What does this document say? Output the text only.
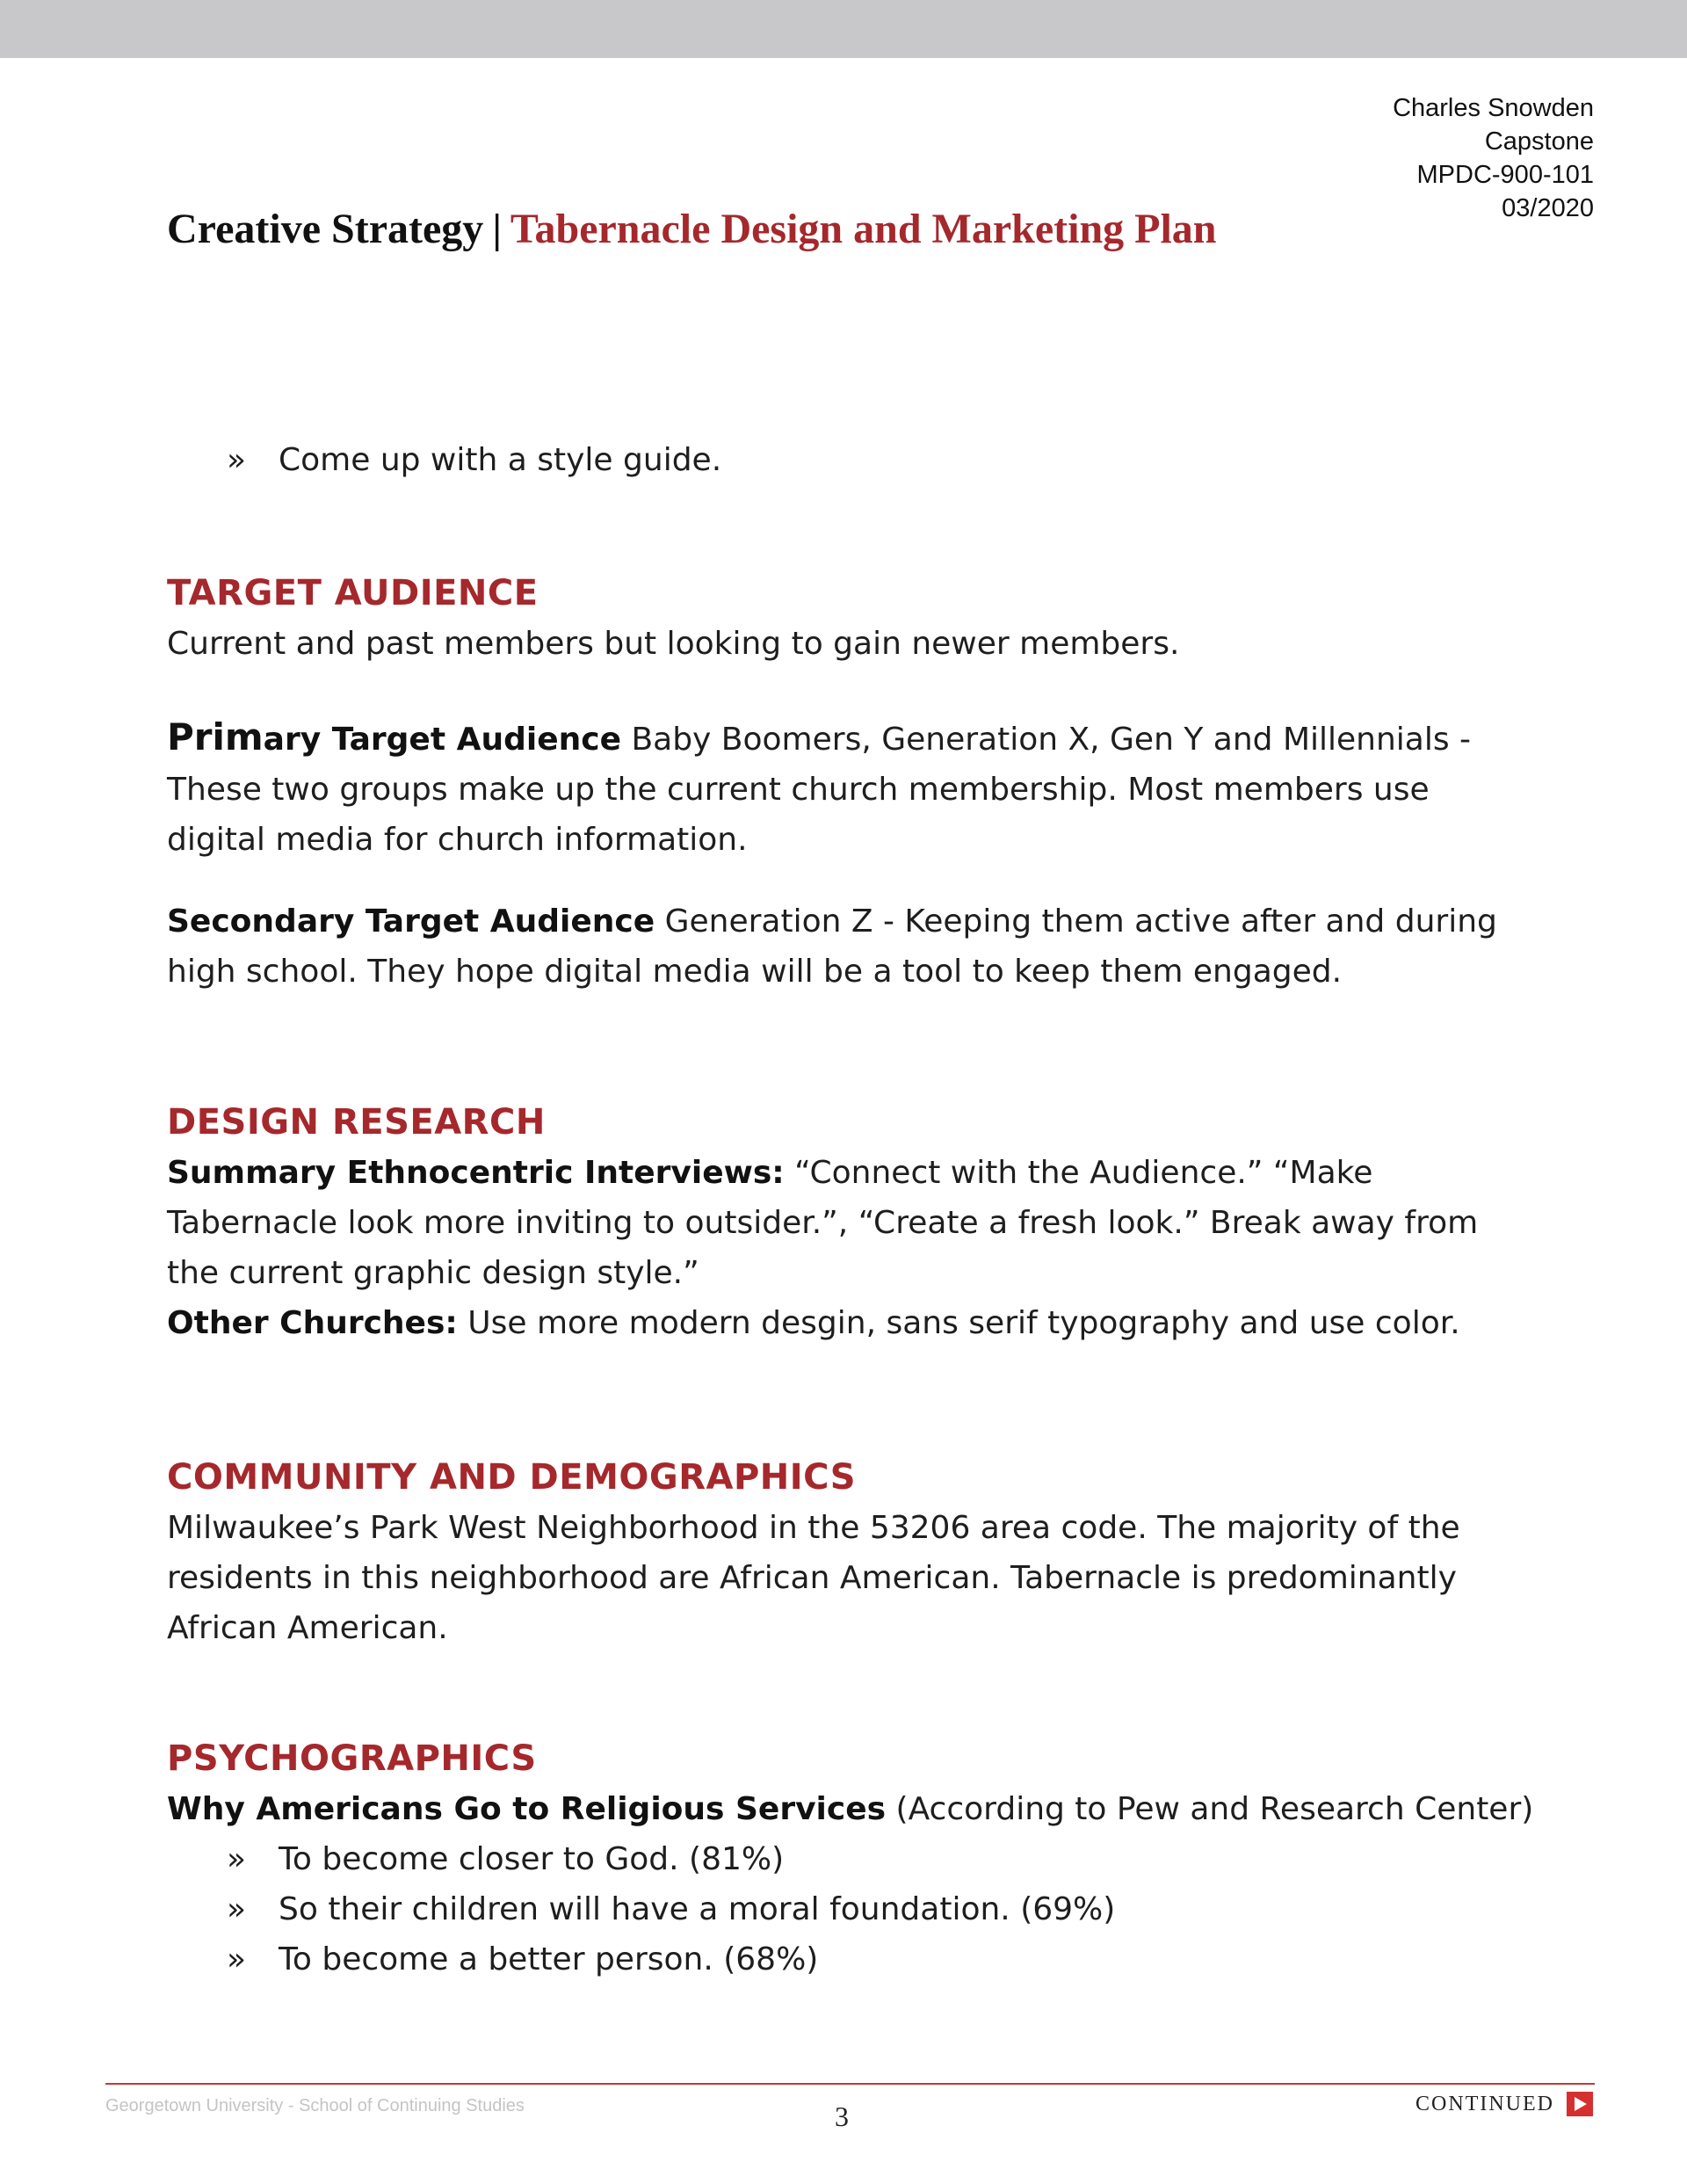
Charles Snowden
Capstone
MPDC-900-101
03/2020
Creative Strategy | Tabernacle Design and Marketing Plan

» Come up with a style guide.

TARGET AUDIENCE

Current and past members but looking to gain newer members.

Primary Target Audience Baby Boomers, Generation X, Gen Y and Millennials -

These two groups make up the current church membership. Most members use

digital media for church information.

Secondary Target Audience Generation Z - Keeping them active after and during

high school. They hope digital media will be a tool to keep them engaged.

DESIGN RESEARCH

Summary Ethnocentric Interviews: “Connect with the Audience.” “Make

Tabernacle look more inviting to outsider.”, “Create a fresh look.” Break away from

the current graphic design style.”

Other Churches: Use more modern desgin, sans serif typography and use color.

COMMUNITY AND DEMOGRAPHICS

Milwaukee’s Park West Neighborhood in the 53206 area code. The majority of the

residents in this neighborhood are African American. Tabernacle is predominantly

African American.

PSYCHOGRAPHICS

Why Americans Go to Religious Services (According to Pew and Research Center)

» To become closer to God. (81%)

» So their children will have a moral foundation. (69%)

» To become a better person. (68%)

Georgetown University - School of Continuing Studies	3	CONTINUED
